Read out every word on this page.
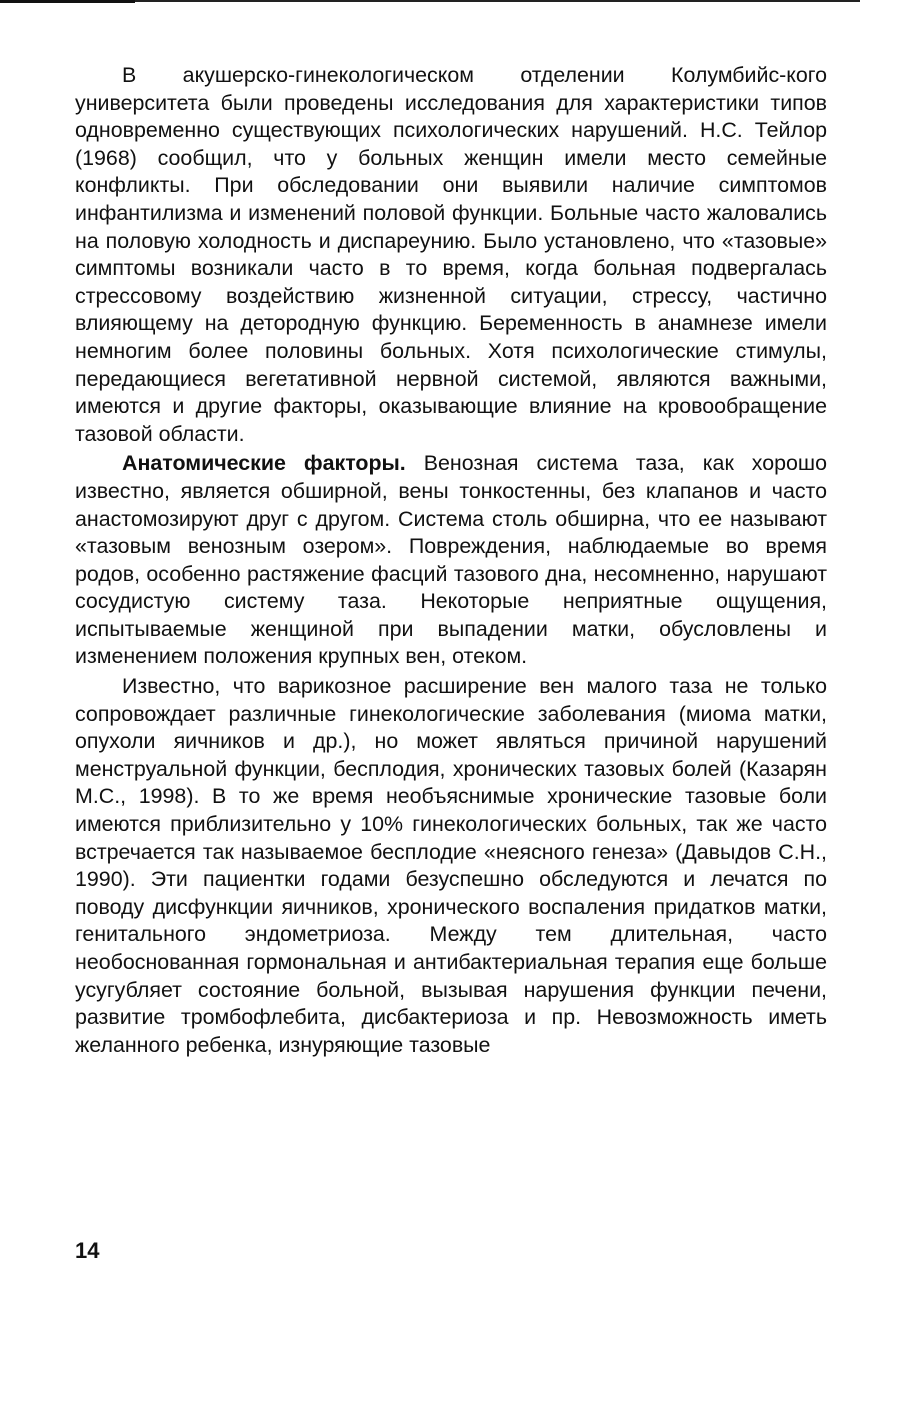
В акушерско-гинекологическом отделении Колумбийс-кого университета были проведены исследования для характеристики типов одновременно существующих психологических нарушений. Н.С. Тейлор (1968) сообщил, что у больных женщин имели место семейные конфликты. При обследовании они выявили наличие симптомов инфантилизма и изменений половой функции. Больные часто жаловались на половую холодность и диспареунию. Было установлено, что «тазовые» симптомы возникали часто в то время, когда больная подвергалась стрессовому воздействию жизненной ситуации, стрессу, частично влияющему на детородную функцию. Беременность в анамнезе имели немногим более половины больных. Хотя психологические стимулы, передающиеся вегетативной нервной системой, являются важными, имеются и другие факторы, оказывающие влияние на кровообращение тазовой области.

Анатомические факторы. Венозная система таза, как хорошо известно, является обширной, вены тонкостенны, без клапанов и часто анастомозируют друг с другом. Система столь обширна, что ее называют «тазовым венозным озером». Повреждения, наблюдаемые во время родов, особенно растяжение фасций тазового дна, несомненно, нарушают сосудистую систему таза. Некоторые неприятные ощущения, испытываемые женщиной при выпадении матки, обусловлены и изменением положения крупных вен, отеком.

Известно, что варикозное расширение вен малого таза не только сопровождает различные гинекологические заболевания (миома матки, опухоли яичников и др.), но может являться причиной нарушений менструальной функции, бесплодия, хронических тазовых болей (Казарян М.С., 1998). В то же время необъяснимые хронические тазовые боли имеются приблизительно у 10% гинекологических больных, так же часто встречается так называемое бесплодие «неясного генеза» (Давыдов С.Н., 1990). Эти пациентки годами безуспешно обследуются и лечатся по поводу дисфункции яичников, хронического воспаления придатков матки, генитального эндометриоза. Между тем длительная, часто необоснованная гормональная и антибактериальная терапия еще больше усугубляет состояние больной, вызывая нарушения функции печени, развитие тромбофлебита, дисбактериоза и пр. Невозможность иметь желанного ребенка, изнуряющие тазовые

14
